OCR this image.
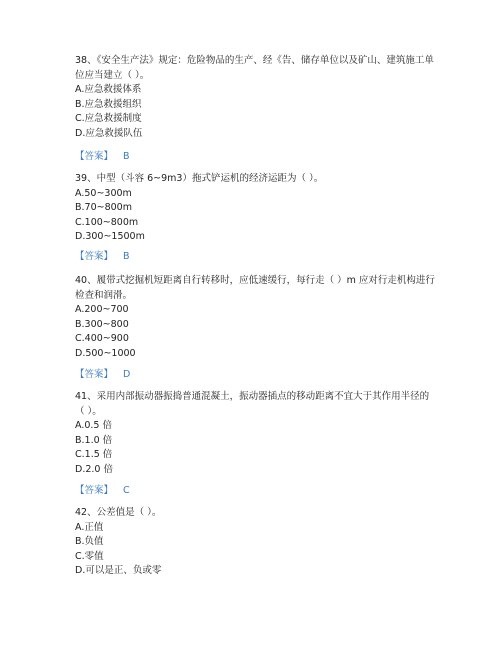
38、《安全生产法》规定：危险物品的生产、经《告、储存单位以及矿山、建筑施工单位应当建立（ ）。

A.应急救援体系

B.应急救援组织

C.应急救援制度

D.应急救援队伍

【答案】 B

39、中型（斗容 6~9m3）拖式铲运机的经济运距为（ ）。

A.50~300m

B.70~800m

C.100~800m

D.300~1500m

【答案】 B

40、履带式挖掘机短距离自行转移时，应低速缓行，每行走（ ）m 应对行走机构进行检查和润滑。

A.200~700

B.300~800

C.400~900

D.500~1000

【答案】 D

41、采用内部振动器振捣普通混凝土，振动器插点的移动距离不宜大于其作用半径的（ ）。

A.0.5 倍

B.1.0 倍

C.1.5 倍

D.2.0 倍

【答案】 C

42、公差值是（ ）。

A.正值

B.负值

C.零值

D.可以是正、负或零
